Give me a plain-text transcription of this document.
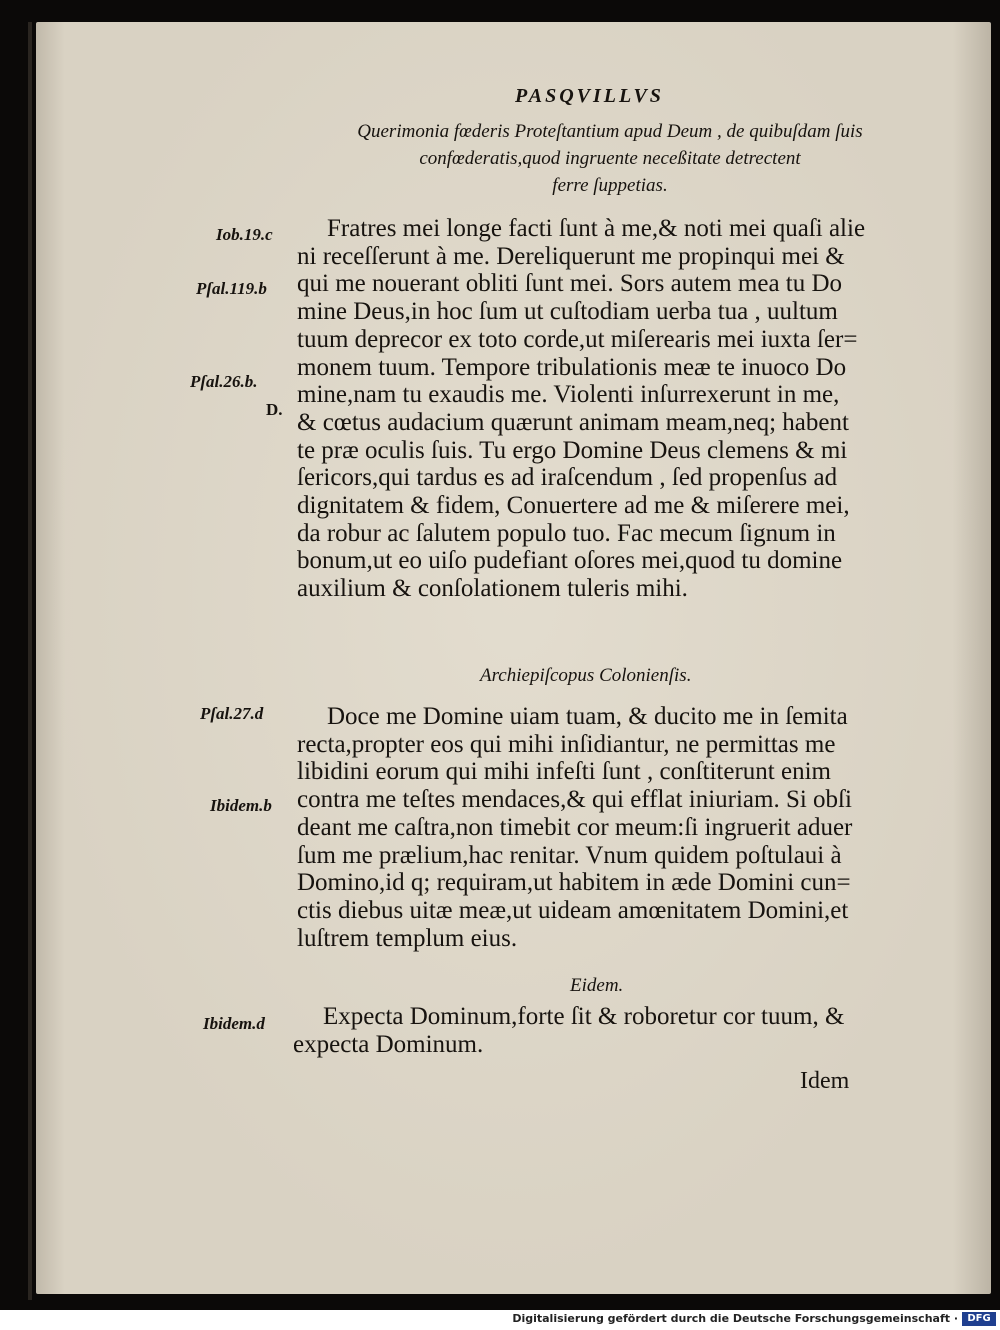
PASQVILLVS
Querimonia fœderis Proteſtantium apud Deum , de quibuſdam ſuis
confœderatis,quod ingruente neceßitate detrectent
ferre ſuppetias.
Fratres mei longe facti ſunt à me,& noti mei quaſi alie
ni receſſerunt à me. Dereliquerunt me propinqui mei &
qui me nouerant obliti ſunt mei. Sors autem mea tu Do
mine Deus,in hoc ſum ut cuſtodiam uerba tua , uultum
tuum deprecor ex toto corde,ut miſerearis mei iuxta ſer=
monem tuum. Tempore tribulationis meæ te inuoco Do
mine,nam tu exaudis me. Violenti inſurrexerunt in me,
& cœtus audacium quærunt animam meam,neq; habent
te præ oculis ſuis. Tu ergo Domine Deus clemens & mi
ſericors,qui tardus es ad iraſcendum , ſed propenſus ad
dignitatem & fidem, Conuertere ad me & miſerere mei,
da robur ac ſalutem populo tuo. Fac mecum ſignum in
bonum,ut eo uiſo pudefiant oſores mei,quod tu domine
auxilium & conſolationem tuleris mihi.
Archiepiſcopus Colonienſis.
Doce me Domine uiam tuam, & ducito me in ſemita
recta,propter eos qui mihi inſidiantur, ne permittas me
libidini eorum qui mihi infeſti ſunt , conſtiterunt enim
contra me teſtes mendaces,& qui efflat iniuriam. Si obſi
deant me caſtra,non timebit cor meum:ſi ingruerit aduer
ſum me prælium,hac renitar. Vnum quidem poſtulaui à
Domino,id q; requiram,ut habitem in æde Domini cun=
ctis diebus uitæ meæ,ut uideam amœnitatem Domini,et
luſtrem templum eius.
Eidem.
Expecta Dominum,forte ſit & roboretur cor tuum, &
expecta Dominum.
Idem
Iob.19.c
Pſal.119.b
Pſal.26.b.
D.
Pſal.27.d
Ibidem.b
Ibidem.d
Digitalisierung gefördert durch die Deutsche Forschungsgemeinschaft · DFG
